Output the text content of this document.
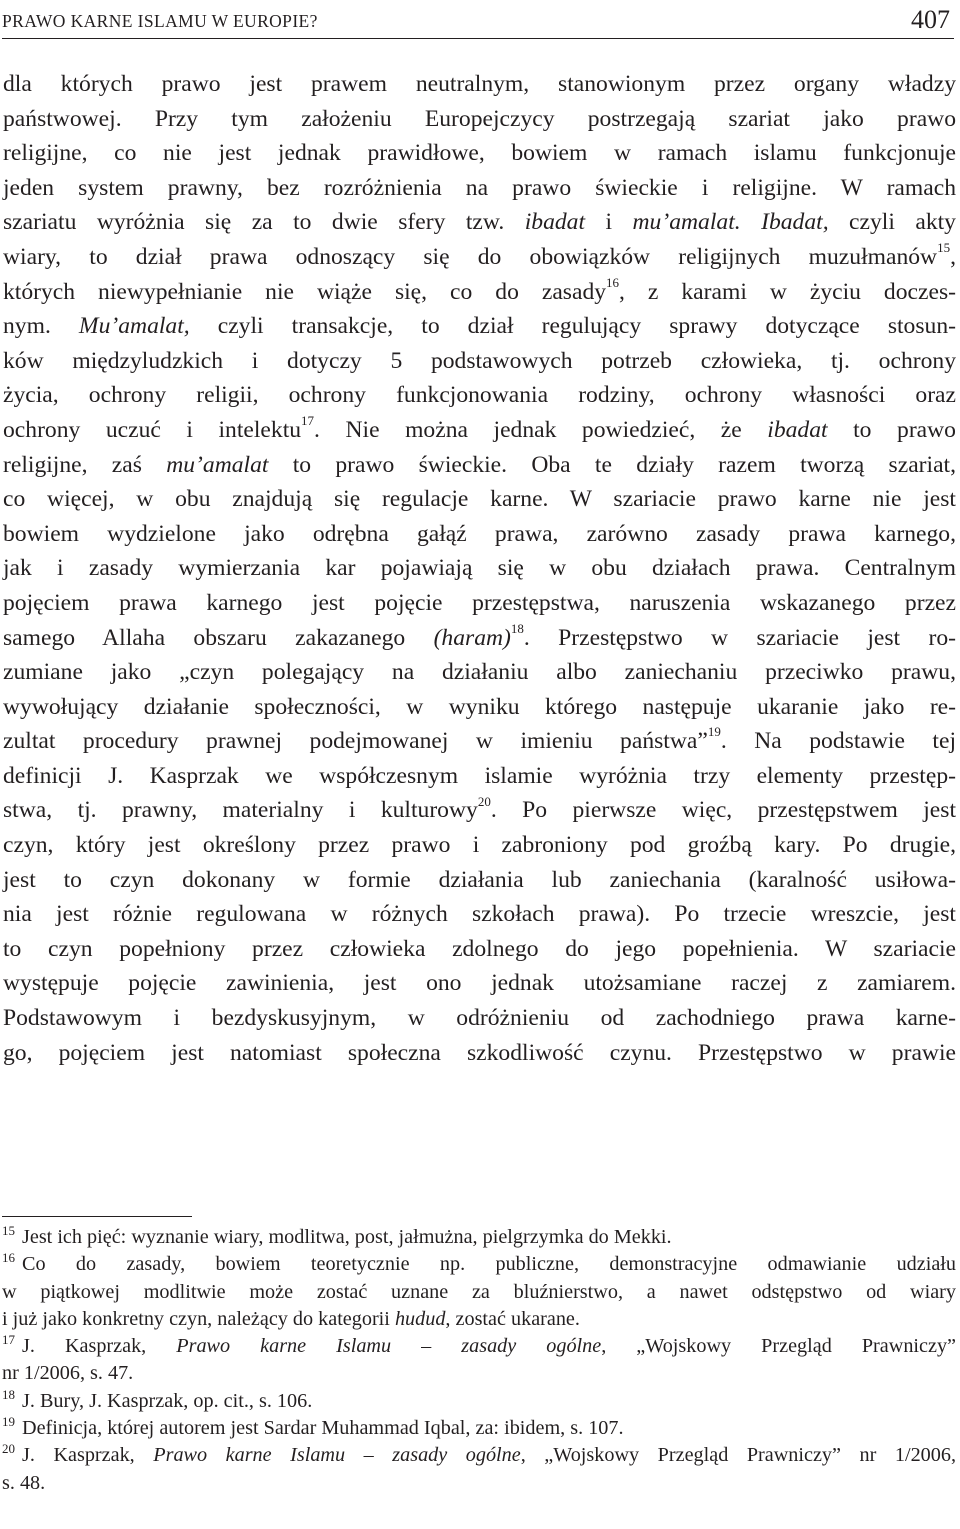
PRAWO KARNE ISLAMU W EUROPIE?	407
dla których prawo jest prawem neutralnym, stanowionym przez organy władzy
państwowej. Przy tym założeniu Europejczycy postrzegają szariat jako prawo
religijne, co nie jest jednak prawidłowe, bowiem w ramach islamu funkcjonuje
jeden system prawny, bez rozróżnienia na prawo świeckie i religijne. W ramach
szariatu wyróżnia się za to dwie sfery tzw. ibadat i mu’amalat. Ibadat, czyli akty
wiary, to dział prawa odnoszący się do obowiązków religijnych muzułmanów$^{15}$,
których niewypełnianie nie wiąże się, co do zasady$^{16}$, z karami w życiu doczes-
nym. Mu’amalat, czyli transakcje, to dział regulujący sprawy dotyczące stosun-
ków międzyludzkich i dotyczy 5 podstawowych potrzeb człowieka, tj. ochrony
życia, ochrony religii, ochrony funkcjonowania rodziny, ochrony własności oraz
ochrony uczuć i intelektu$^{17}$. Nie można jednak powiedzieć, że ibadat to prawo
religijne, zaś mu’amalat to prawo świeckie. Oba te działy razem tworzą szariat,
co więcej, w obu znajdują się regulacje karne. W szariacie prawo karne nie jest
bowiem wydzielone jako odrębna gałąź prawa, zarówno zasady prawa karnego,
jak i zasady wymierzania kar pojawiają się w obu działach prawa. Centralnym
pojęciem prawa karnego jest pojęcie przestępstwa, naruszenia wskazanego przez
samego Allaha obszaru zakazanego (haram)$^{18}$. Przestępstwo w szariacie jest ro-
zumiane jako „czyn polegający na działaniu albo zaniechaniu przeciwko prawu,
wywołujący działanie społeczności, w wyniku którego następuje ukaranie jako re-
zultat procedury prawnej podejmowanej w imieniu państwa”$^{19}$. Na podstawie tej
definicji J. Kasprzak we współczesnym islamie wyróżnia trzy elementy przestęp-
stwa, tj. prawny, materialny i kulturowy$^{20}$. Po pierwsze więc, przestępstwem jest
czyn, który jest określony przez prawo i zabroniony pod groźbą kary. Po drugie,
jest to czyn dokonany w formie działania lub zaniechania (karalność usiłowa-
nia jest różnie regulowana w różnych szkołach prawa). Po trzecie wreszcie, jest
to czyn popełniony przez człowieka zdolnego do jego popełnienia. W szariacie
występuje pojęcie zawinienia, jest ono jednak utożsamiane raczej z zamiarem.
Podstawowym i bezdyskusyjnym, w odróżnieniu od zachodniego prawa karne-
go, pojęciem jest natomiast społeczna szkodliwość czynu. Przestępstwo w prawie
15 Jest ich pięć: wyznanie wiary, modlitwa, post, jałmużna, pielgrzymka do Mekki.
16 Co do zasady, bowiem teoretycznie np. publiczne, demonstracyjne odmawianie udziału
w piątkowej modlitwie może zostać uznane za bluźnierstwo, a nawet odstępstwo od wiary
i już jako konkretny czyn, należący do kategorii hudud, zostać ukarane.
17 J. Kasprzak, Prawo karne Islamu – zasady ogólne, „Wojskowy Przegląd Prawniczy”
nr 1/2006, s. 47.
18 J. Bury, J. Kasprzak, op. cit., s. 106.
19 Definicja, której autorem jest Sardar Muhammad Iqbal, za: ibidem, s. 107.
20 J. Kasprzak, Prawo karne Islamu – zasady ogólne, „Wojskowy Przegląd Prawniczy” nr 1/2006,
s. 48.
